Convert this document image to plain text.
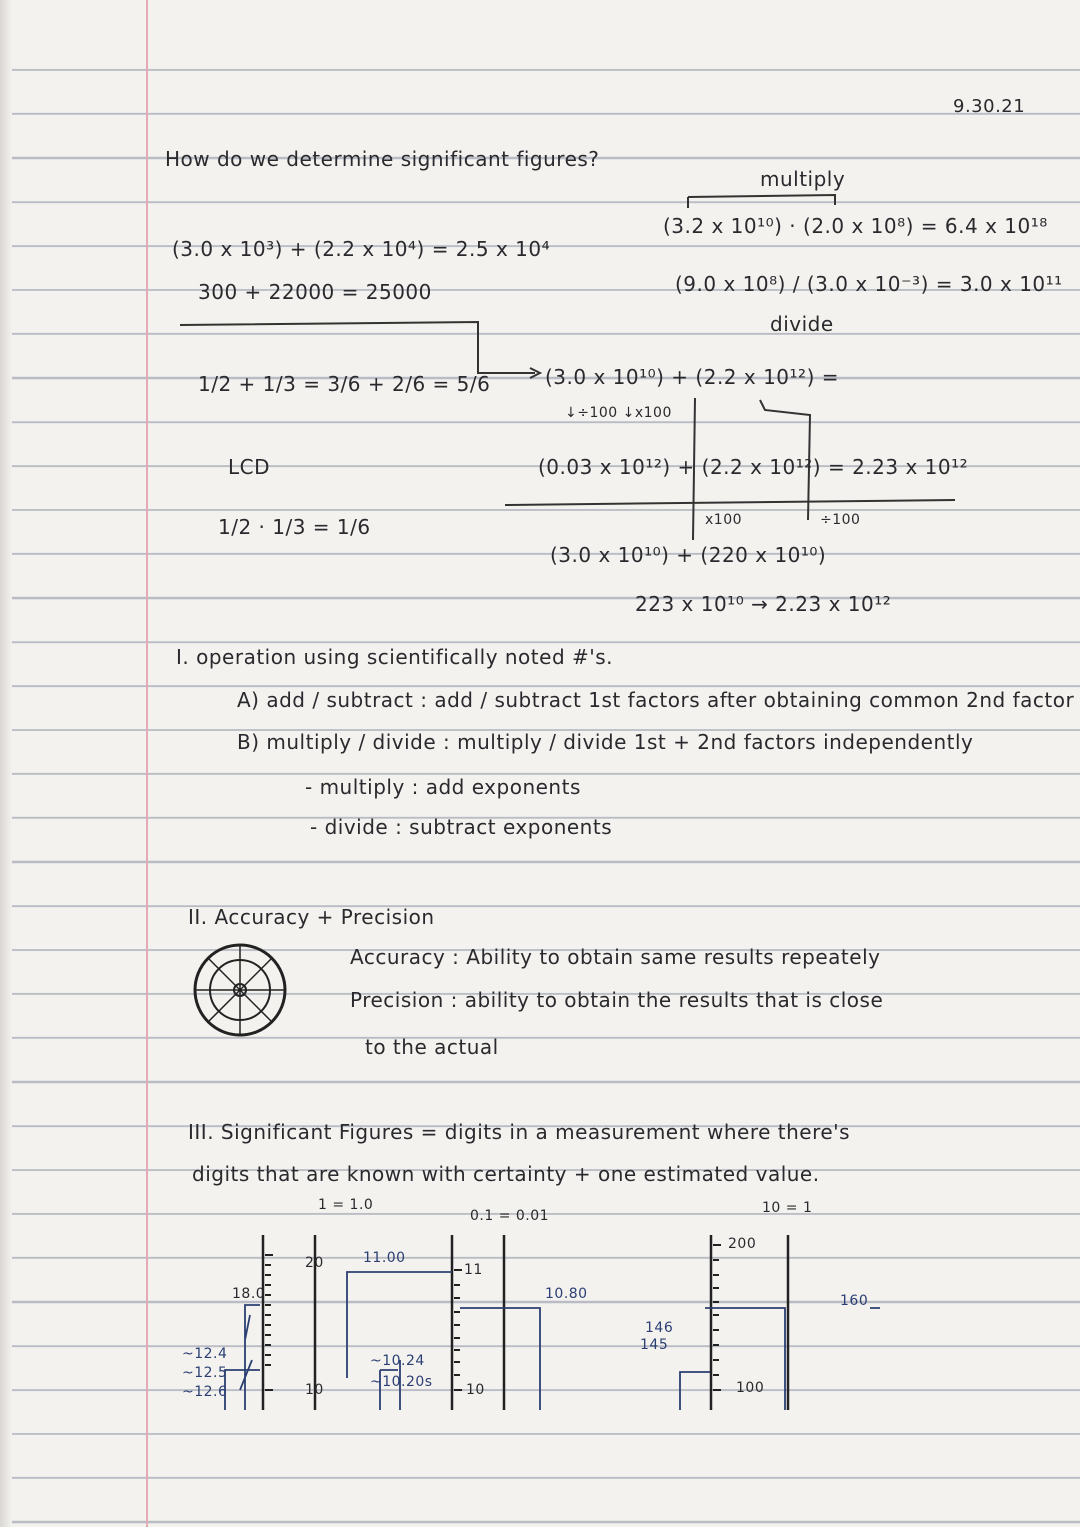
9.30.21
How do we determine significant figures?
(3.0 x 10³) + (2.2 x 10⁴) = 2.5 x 10⁴
300 + 22000 = 25000
multiply
(3.2 x 10¹⁰) · (2.0 x 10⁸) = 6.4 x 10¹⁸
(9.0 x 10⁸) / (3.0 x 10⁻³) = 3.0 x 10¹¹
divide
1/2 + 1/3 = 3/6 + 2/6 = 5/6
LCD
1/2 · 1/3 = 1/6
(3.0 x 10¹⁰) + (2.2 x 10¹²) =
↓÷100 ↓x100
(0.03 x 10¹²) + (2.2 x 10¹²) = 2.23 x 10¹²
x100	÷100
(3.0 x 10¹⁰) + (220 x 10¹⁰)
223 x 10¹⁰ → 2.23 x 10¹²
I. operation using scientifically noted #'s.
A) add / subtract : add / subtract 1st factors after obtaining common 2nd factor
B) multiply / divide : multiply / divide 1st + 2nd factors independently
- multiply : add exponents
- divide : subtract exponents
II. Accuracy + Precision
Accuracy : Ability to obtain same results repeately
Precision : ability to obtain the results that is close
to the actual
III. Significant Figures = digits in a measurement where there's
digits that are known with certainty + one estimated value.
1 = 1.0
18.0
20
10
~12.4
~12.5
~12.6
0.1 = 0.01
11.00
11
10
10.80
~10.24
~10.20s
10 = 1
200
100
160
146
145
